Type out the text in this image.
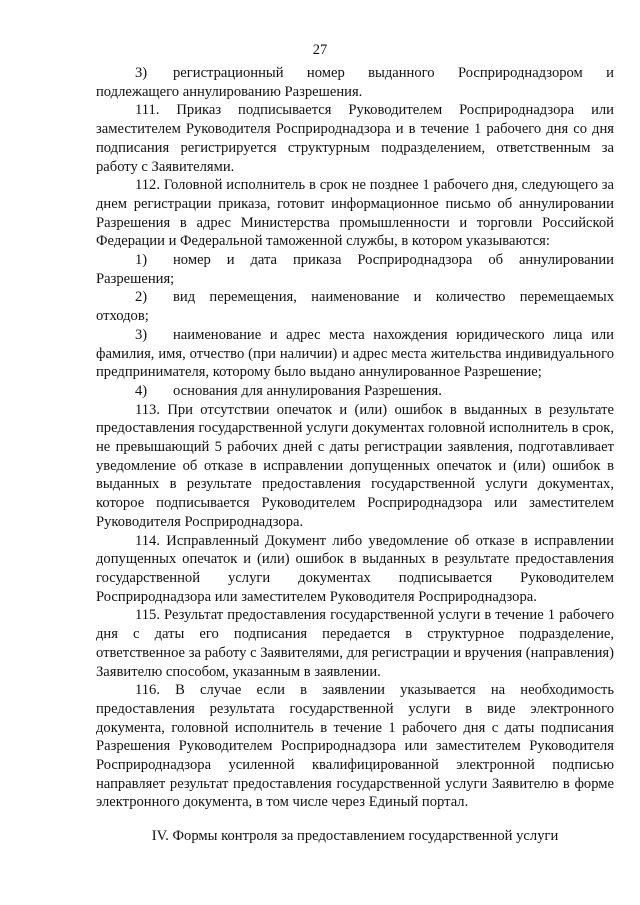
27

3) регистрационный номер выданного Росприроднадзором и подлежащего аннулированию Разрешения.

111. Приказ подписывается Руководителем Росприроднадзора или заместителем Руководителя Росприроднадзора и в течение 1 рабочего дня со дня подписания регистрируется структурным подразделением, ответственным за работу с Заявителями.

112. Головной исполнитель в срок не позднее 1 рабочего дня, следующего за днем регистрации приказа, готовит информационное письмо об аннулировании Разрешения в адрес Министерства промышленности и торговли Российской Федерации и Федеральной таможенной службы, в котором указываются:

1) номер и дата приказа Росприроднадзора об аннулировании Разрешения;

2) вид перемещения, наименование и количество перемещаемых отходов;

3) наименование и адрес места нахождения юридического лица или фамилия, имя, отчество (при наличии) и адрес места жительства индивидуального предпринимателя, которому было выдано аннулированное Разрешение;

4) основания для аннулирования Разрешения.

113. При отсутствии опечаток и (или) ошибок в выданных в результате предоставления государственной услуги документах головной исполнитель в срок, не превышающий 5 рабочих дней с даты регистрации заявления, подготавливает уведомление об отказе в исправлении допущенных опечаток и (или) ошибок в выданных в результате предоставления государственной услуги документах, которое подписывается Руководителем Росприроднадзора или заместителем Руководителя Росприроднадзора.

114. Исправленный Документ либо уведомление об отказе в исправлении допущенных опечаток и (или) ошибок в выданных в результате предоставления государственной услуги документах подписывается Руководителем Росприроднадзора или заместителем Руководителя Росприроднадзора.

115. Результат предоставления государственной услуги в течение 1 рабочего дня с даты его подписания передается в структурное подразделение, ответственное за работу с Заявителями, для регистрации и вручения (направления) Заявителю способом, указанным в заявлении.

116. В случае если в заявлении указывается на необходимость предоставления результата государственной услуги в виде электронного документа, головной исполнитель в течение 1 рабочего дня с даты подписания Разрешения Руководителем Росприроднадзора или заместителем Руководителя Росприроднадзора усиленной квалифицированной электронной подписью направляет результат предоставления государственной услуги Заявителю в форме электронного документа, в том числе через Единый портал.

IV. Формы контроля за предоставлением государственной услуги
